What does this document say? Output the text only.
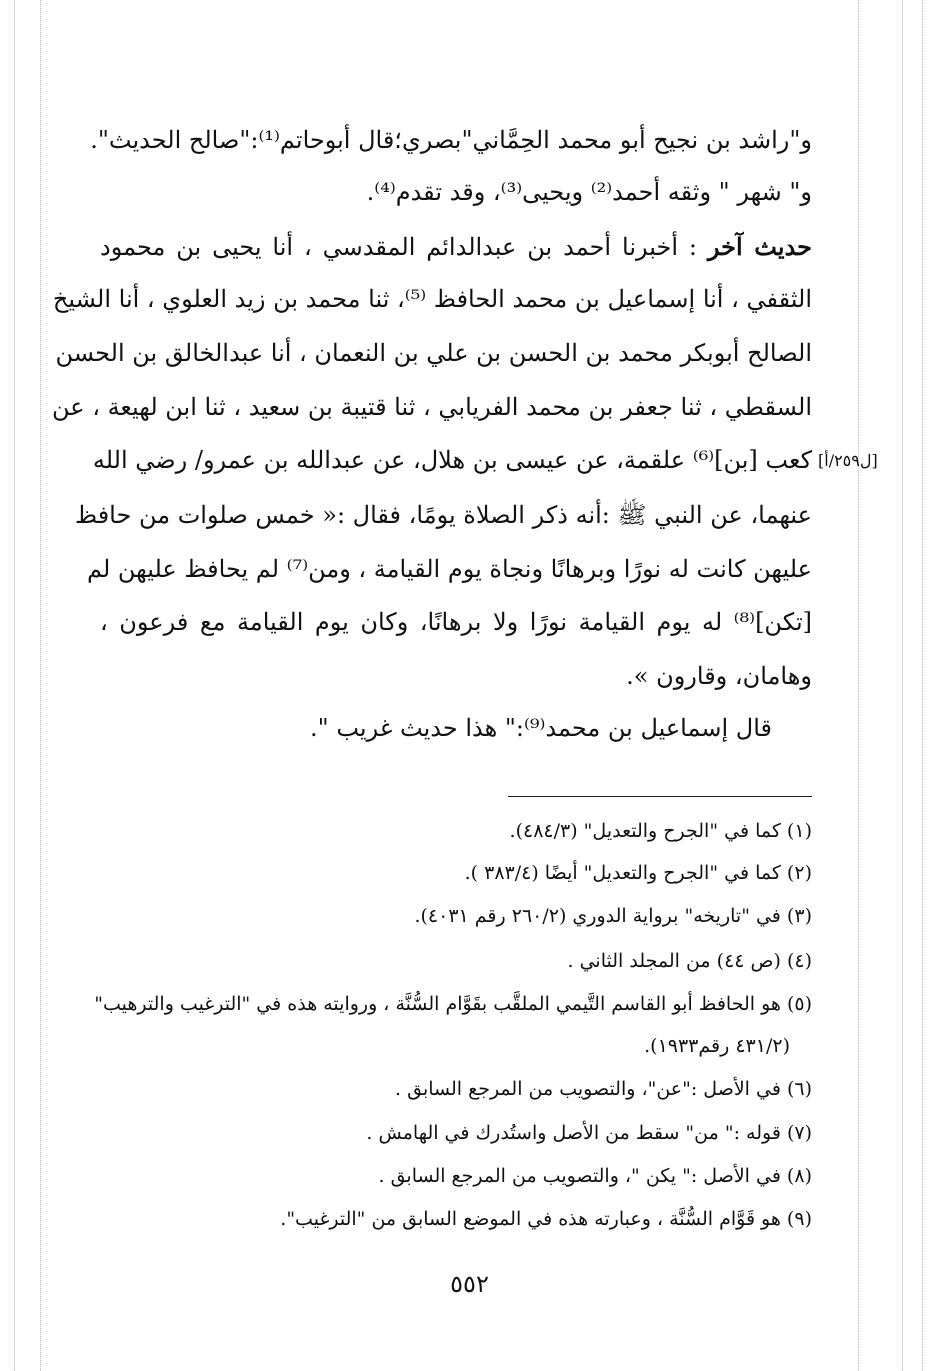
و"راشد بن نجيح أبو محمد الحِمَّاني"بصري؛قال أبوحاتم⁽¹⁾:"صالح الحديث".
و" شهر " وثقه أحمد⁽²⁾ ويحيى⁽³⁾، وقد تقدم⁽⁴⁾.
حديث آخر : أخبرنا أحمد بن عبدالدائم المقدسي ، أنا يحيى بن محمود
الثقفي ، أنا إسماعيل بن محمد الحافظ ⁽⁵⁾، ثنا محمد بن زيد العلوي ، أنا الشيخ
الصالح أبوبكر محمد بن الحسن بن علي بن النعمان ، أنا عبدالخالق بن الحسن
السقطي ، ثنا جعفر بن محمد الفريابي ، ثنا قتيبة بن سعيد ، ثنا ابن لهيعة ، عن
كعب [بن]⁽⁶⁾ علقمة، عن عيسى بن هلال، عن عبدالله بن عمرو/ رضي الله
عنهما، عن النبي ﷺ :أنه ذكر الصلاة يومًا، فقال :« خمس صلوات من حافظ
عليهن كانت له نورًا وبرهانًا ونجاة يوم القيامة ، ومن⁽⁷⁾ لم يحافظ عليهن لم
[تكن]⁽⁸⁾ له يوم القيامة نورًا ولا برهانًا، وكان يوم القيامة مع فرعون ،
وهامان، وقارون ».
قال إسماعيل بن محمد⁽⁹⁾:" هذا حديث غريب ".
[ل٢٥٩/أ]
(١) كما في "الجرح والتعديل" (٤٨٤/٣).
(٢) كما في "الجرح والتعديل" أيضًا (٣٨٣/٤ ).
(٣) في "تاريخه" برواية الدوري (٢٦٠/٢ رقم ٤٠٣١).
(٤) (ص ٤٤) من المجلد الثاني .
(٥) هو الحافظ أبو القاسم التَّيمي الملقَّب بقَوَّام السُّنَّة ، وروايته هذه في "الترغيب والترهيب"
(٤٣١/٢ رقم١٩٣٣).
(٦) في الأصل :"عن"، والتصويب من المرجع السابق .
(٧) قوله :" من" سقط من الأصل واستُدرك في الهامش .
(٨) في الأصل :" يكن "، والتصويب من المرجع السابق .
(٩) هو قَوَّام السُّنَّة ، وعبارته هذه في الموضع السابق من "الترغيب".
٥٥٢
